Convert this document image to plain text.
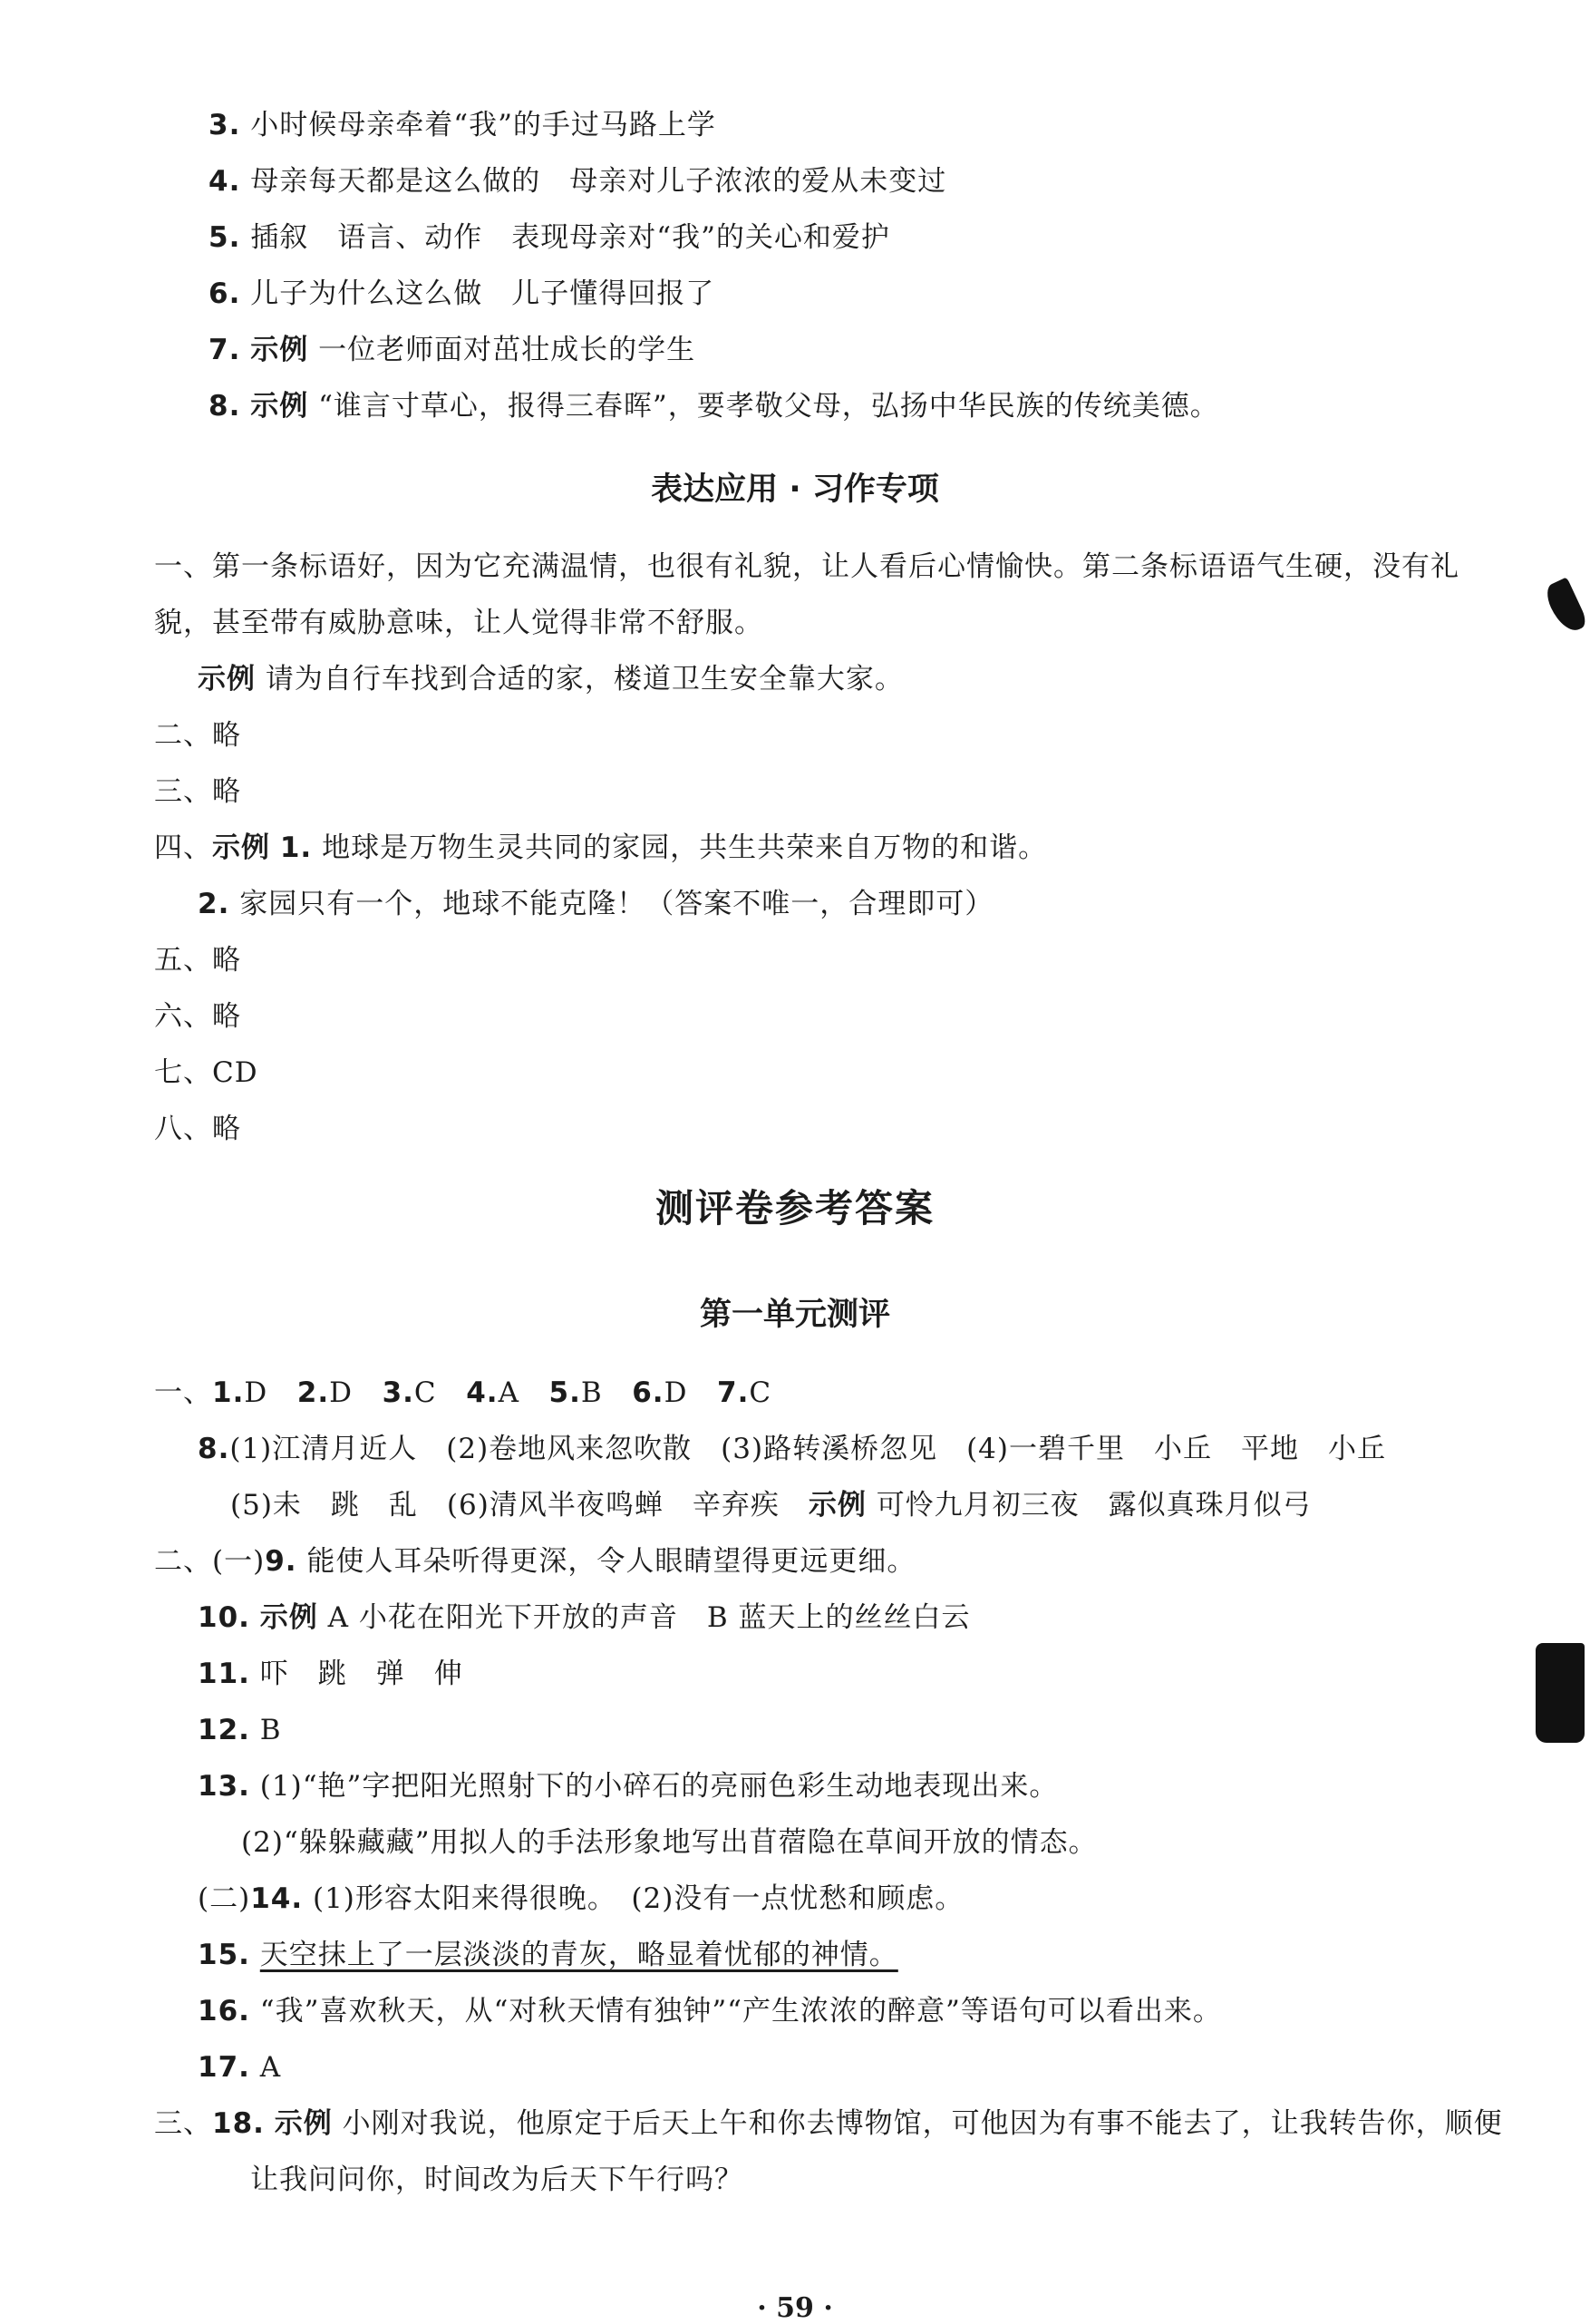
3. 小时候母亲牵着“我”的手过马路上学
4. 母亲每天都是这么做的　母亲对儿子浓浓的爱从未变过
5. 插叙　语言、动作　表现母亲对“我”的关心和爱护
6. 儿子为什么这么做　儿子懂得回报了
7. 示例 一位老师面对茁壮成长的学生
8. 示例 “谁言寸草心，报得三春晖”，要孝敬父母，弘扬中华民族的传统美德。
表达应用 · 习作专项
一、第一条标语好，因为它充满温情，也很有礼貌，让人看后心情愉快。第二条标语语气生硬，没有礼
貌，甚至带有威胁意味，让人觉得非常不舒服。
示例 请为自行车找到合适的家，楼道卫生安全靠大家。
二、略
三、略
四、示例 1. 地球是万物生灵共同的家园，共生共荣来自万物的和谐。
2. 家园只有一个，地球不能克隆！（答案不唯一，合理即可）
五、略
六、略
七、CD
八、略
测评卷参考答案
第一单元测评
一、1.D 2.D 3.C 4.A 5.B 6.D 7.C
8.(1)江清月近人　(2)卷地风来忽吹散　(3)路转溪桥忽见　(4)一碧千里　小丘　平地　小丘
(5)未　跳　乱　(6)清风半夜鸣蝉　辛弃疾　 示例 可怜九月初三夜　露似真珠月似弓
二、(一)9. 能使人耳朵听得更深，令人眼睛望得更远更细。
10. 示例 A 小花在阳光下开放的声音　B 蓝天上的丝丝白云
11. 吓　跳　弹　伸
12. B
13. (1)“艳”字把阳光照射下的小碎石的亮丽色彩生动地表现出来。
(2)“躲躲藏藏”用拟人的手法形象地写出苜蓿隐在草间开放的情态。
(二)14. (1)形容太阳来得很晚。　(2)没有一点忧愁和顾虑。
15. 天空抹上了一层淡淡的青灰，略显着忧郁的神情。
16. “我”喜欢秋天，从“对秋天情有独钟”“产生浓浓的醉意”等语句可以看出来。
17. A
三、18. 示例 小刚对我说，他原定于后天上午和你去博物馆，可他因为有事不能去了，让我转告你，顺便
让我问问你，时间改为后天下午行吗？
· 59 ·
